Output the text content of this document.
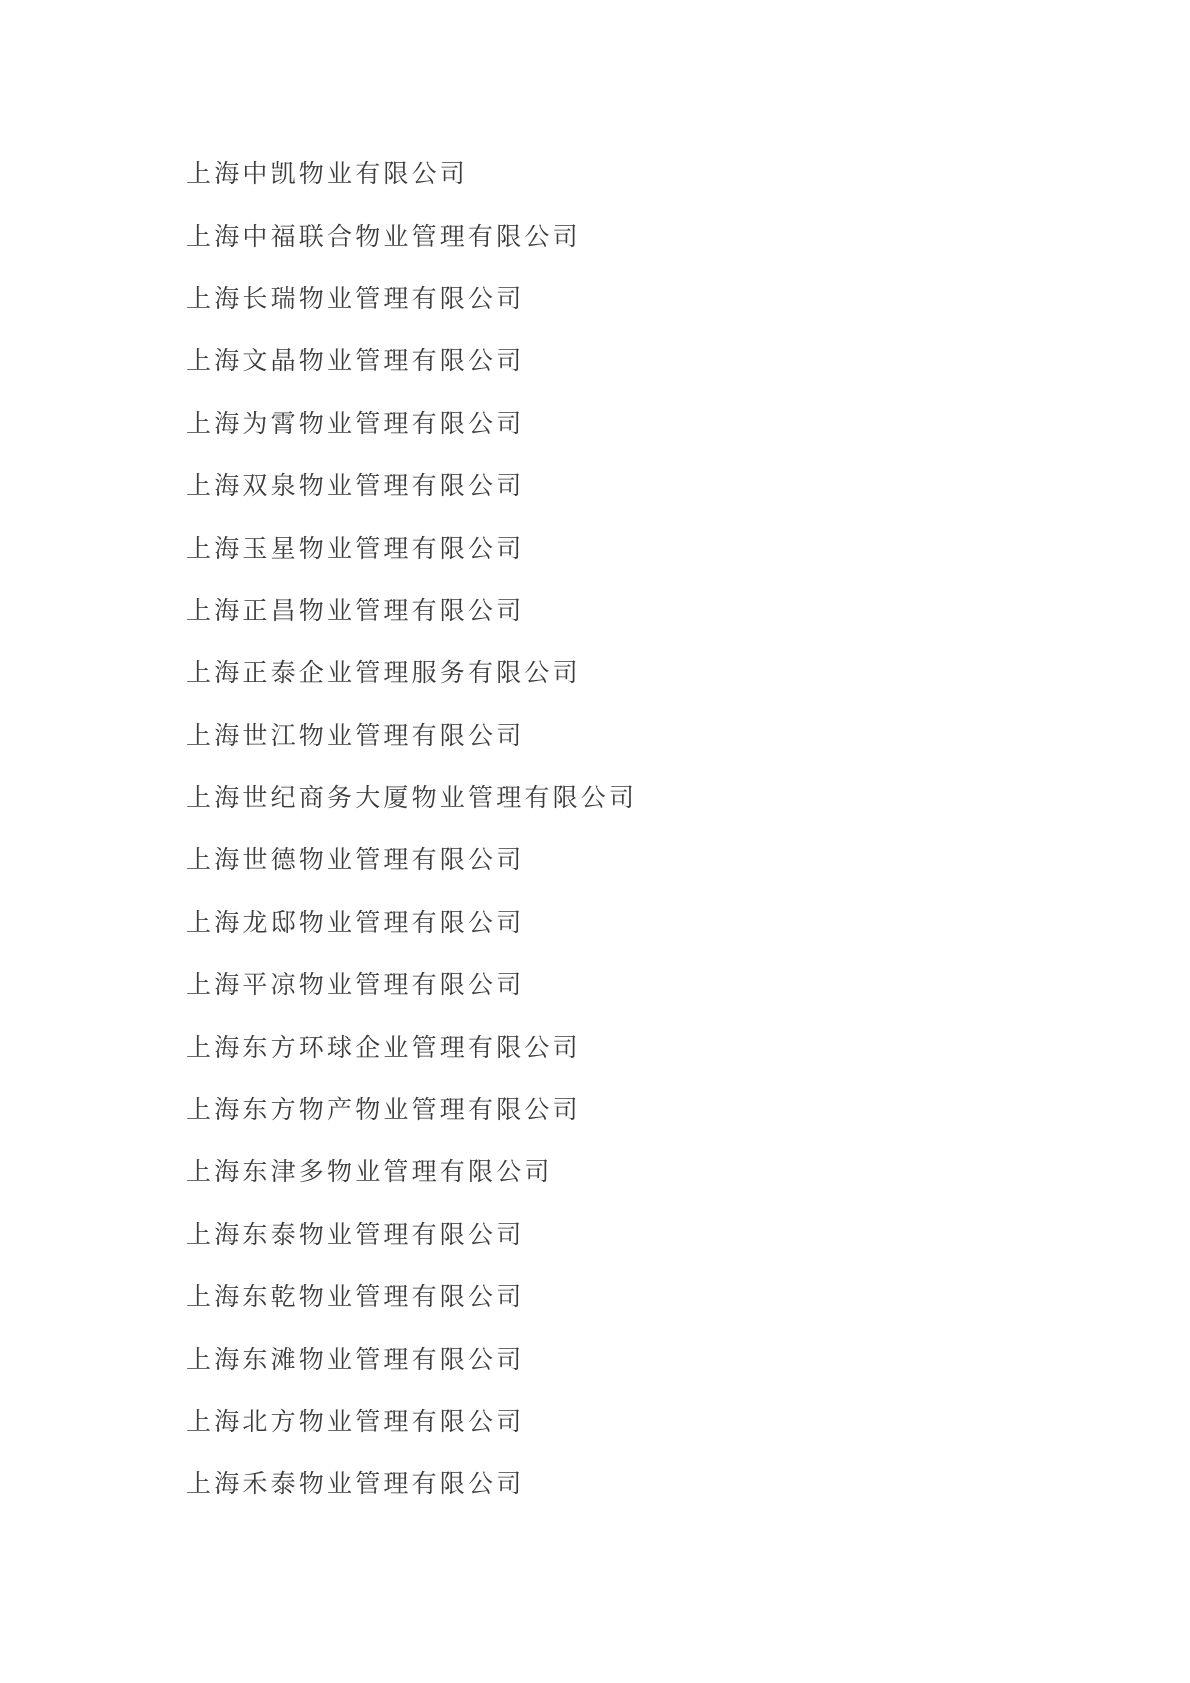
上海中凯物业有限公司
上海中福联合物业管理有限公司
上海长瑞物业管理有限公司
上海文晶物业管理有限公司
上海为霄物业管理有限公司
上海双泉物业管理有限公司
上海玉星物业管理有限公司
上海正昌物业管理有限公司
上海正泰企业管理服务有限公司
上海世江物业管理有限公司
上海世纪商务大厦物业管理有限公司
上海世德物业管理有限公司
上海龙邸物业管理有限公司
上海平凉物业管理有限公司
上海东方环球企业管理有限公司
上海东方物产物业管理有限公司
上海东津多物业管理有限公司
上海东泰物业管理有限公司
上海东乾物业管理有限公司
上海东滩物业管理有限公司
上海北方物业管理有限公司
上海禾泰物业管理有限公司
